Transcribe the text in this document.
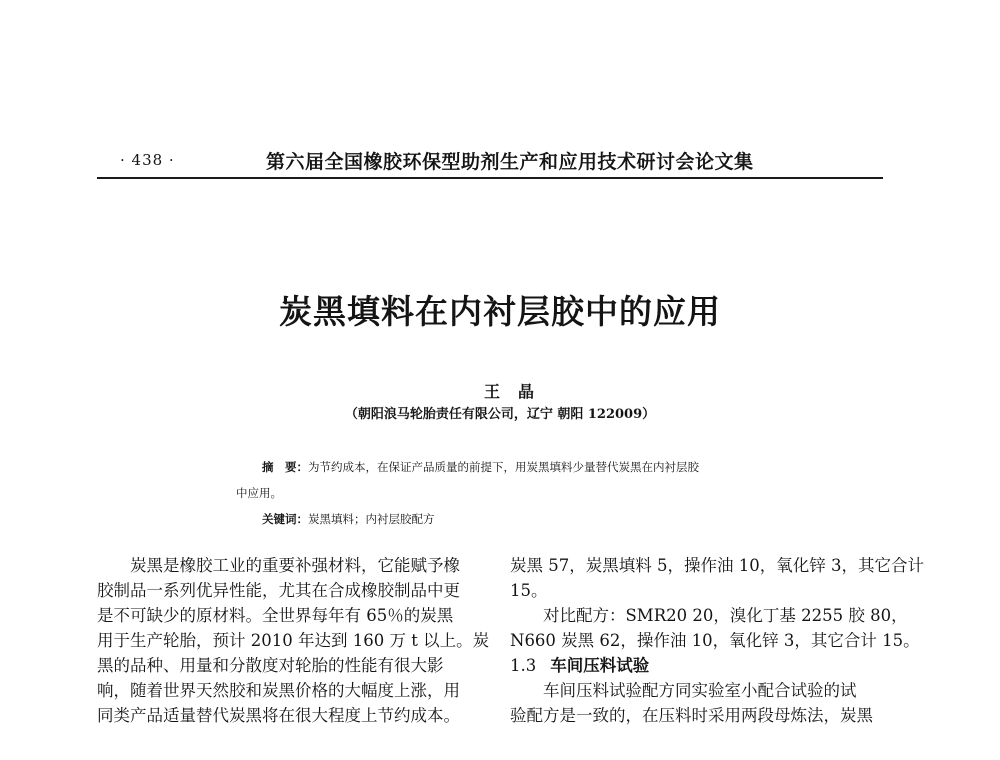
· 438 ·	第六届全国橡胶环保型助剂生产和应用技术研讨会论文集
炭黑填料在内衬层胶中的应用
王晶
（朝阳浪马轮胎责任有限公司，辽宁 朝阳 122009）
摘　要：为节约成本，在保证产品质量的前提下，用炭黑填料少量替代炭黑在内衬层胶
中应用。
关键词：炭黑填料；内衬层胶配方
炭黑是橡胶工业的重要补强材料，它能赋予橡
胶制品一系列优异性能，尤其在合成橡胶制品中更
是不可缺少的原材料。全世界每年有 65％的炭黑
用于生产轮胎，预计 2010 年达到 160 万 t 以上。炭
黑的品种、用量和分散度对轮胎的性能有很大影
响，随着世界天然胶和炭黑价格的大幅度上涨，用
同类产品适量替代炭黑将在很大程度上节约成本。
炭黑 57，炭黑填料 5，操作油 10，氧化锌 3，其它合计
15。
对比配方：SMR20 20，溴化丁基 2255 胶 80，
N660 炭黑 62，操作油 10，氧化锌 3，其它合计 15。
1.3 车间压料试验
车间压料试验配方同实验室小配合试验的试
验配方是一致的，在压料时采用两段母炼法，炭黑
